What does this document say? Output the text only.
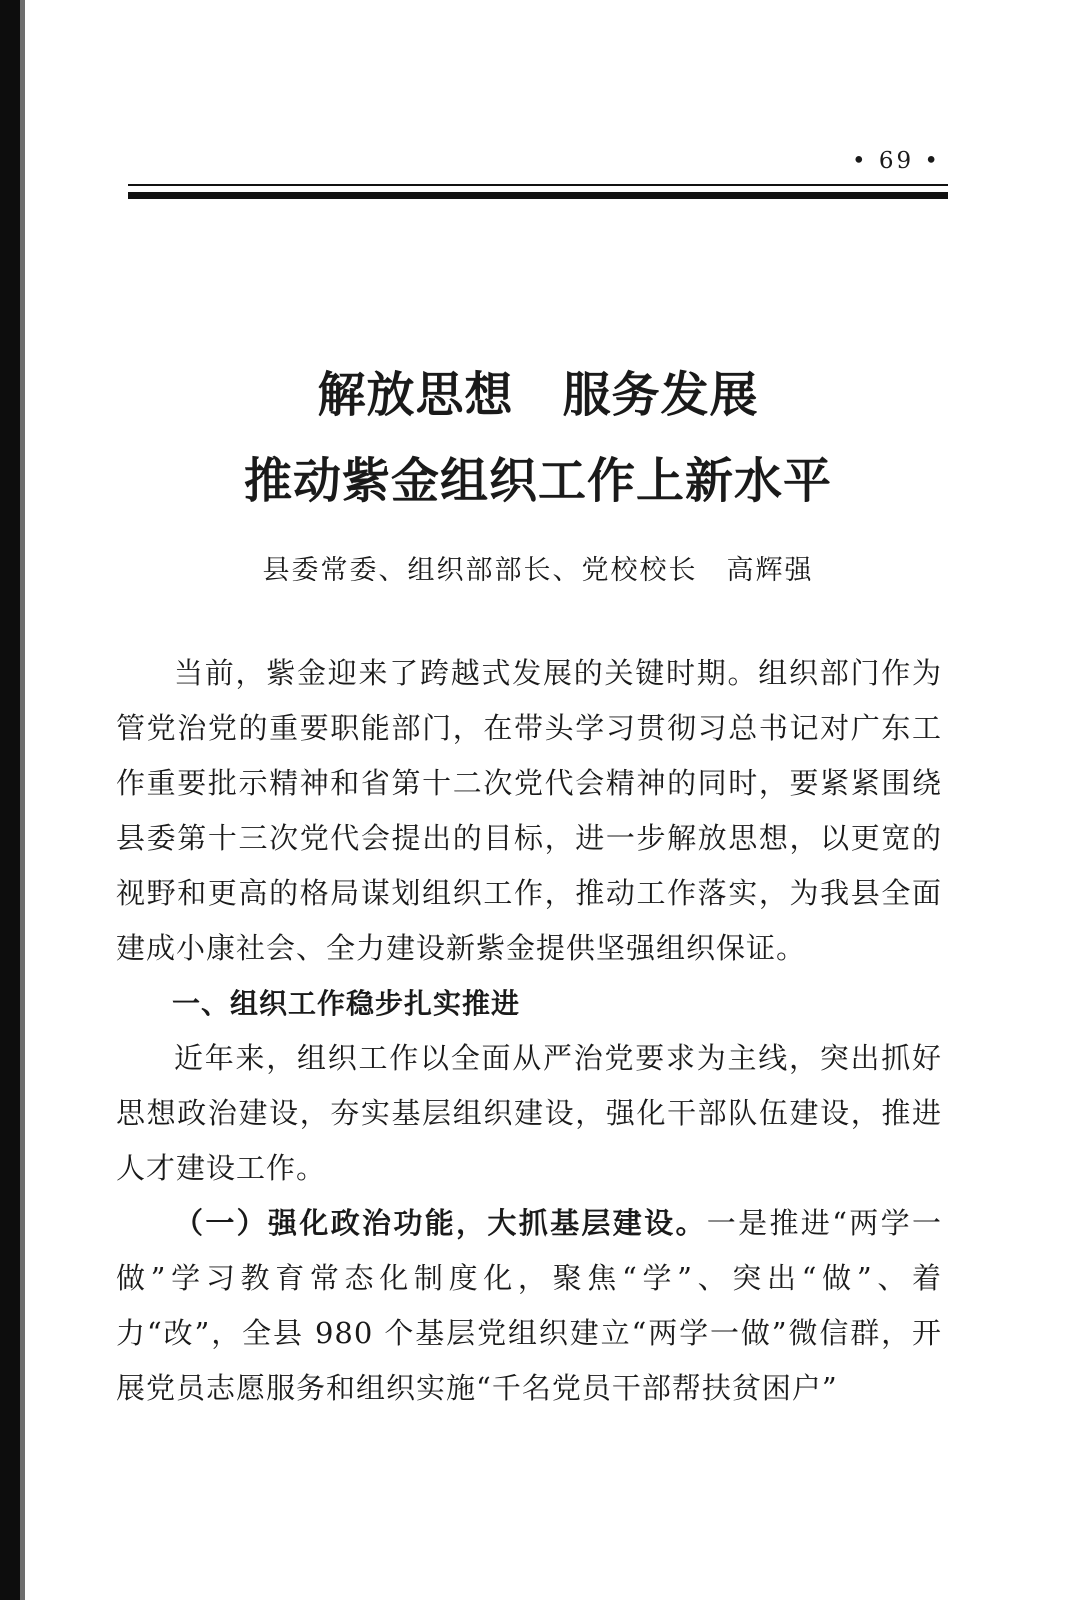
• 69 •
解放思想　服务发展
推动紫金组织工作上新水平
县委常委、组织部部长、党校校长　高辉强

当前，紫金迎来了跨越式发展的关键时期。组织部门作为管党治党的重要职能部门，在带头学习贯彻习总书记对广东工作重要批示精神和省第十二次党代会精神的同时，要紧紧围绕县委第十三次党代会提出的目标，进一步解放思想，以更宽的视野和更高的格局谋划组织工作，推动工作落实，为我县全面建成小康社会、全力建设新紫金提供坚强组织保证。

一、组织工作稳步扎实推进

近年来，组织工作以全面从严治党要求为主线，突出抓好思想政治建设，夯实基层组织建设，强化干部队伍建设，推进人才建设工作。

（一）强化政治功能，大抓基层建设。一是推进“两学一做”学习教育常态化制度化，聚焦“学”、突出“做”、着力“改”，全县 980 个基层党组织建立“两学一做”微信群，开展党员志愿服务和组织实施“千名党员干部帮扶贫困户”
